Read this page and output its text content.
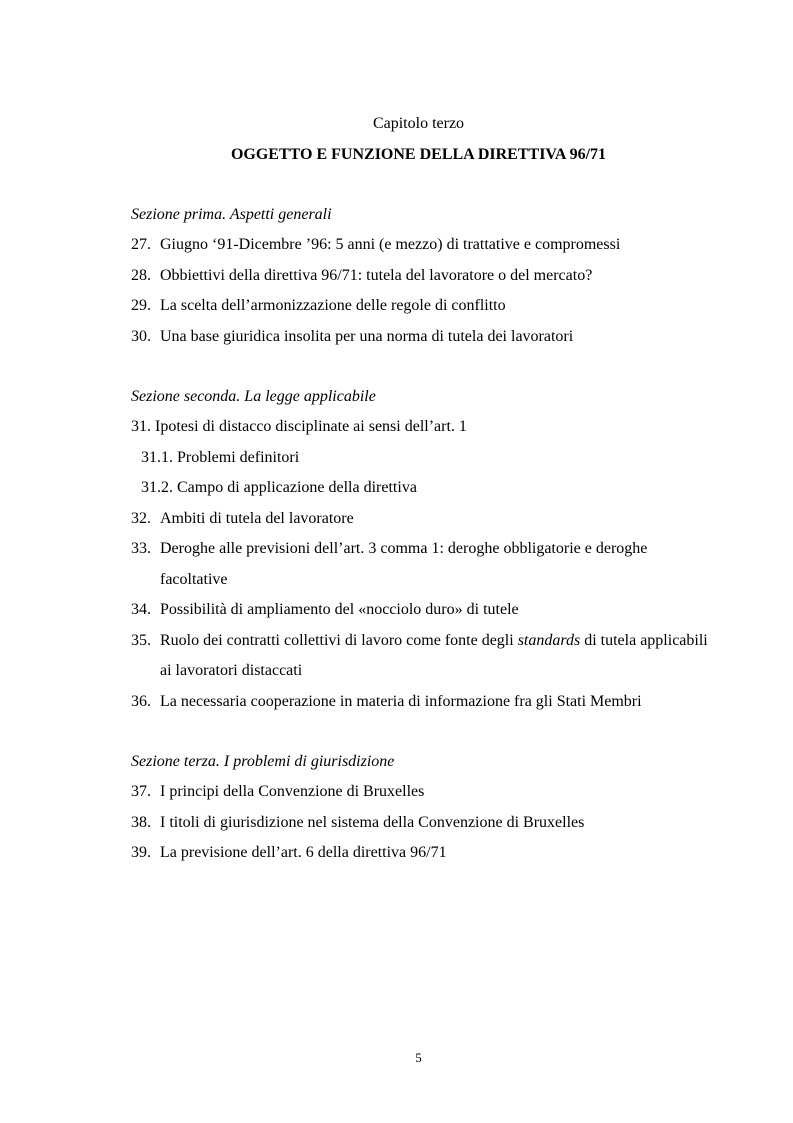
Capitolo terzo
OGGETTO E FUNZIONE DELLA DIRETTIVA 96/71
Sezione prima. Aspetti generali
27. Giugno ‘91-Dicembre ’96: 5 anni (e mezzo) di trattative e compromessi
28. Obbiettivi della direttiva 96/71: tutela del lavoratore o del mercato?
29. La scelta dell’armonizzazione delle regole di conflitto
30. Una base giuridica insolita per una norma di tutela dei lavoratori
Sezione seconda. La legge applicabile
31. Ipotesi di distacco disciplinate ai sensi dell’art. 1
31.1. Problemi definitori
31.2. Campo di applicazione della direttiva
32. Ambiti di tutela del lavoratore
33. Deroghe alle previsioni dell’art. 3 comma 1: deroghe obbligatorie e deroghe facoltative
34. Possibilità di ampliamento del «nocciolo duro» di tutele
35. Ruolo dei contratti collettivi di lavoro come fonte degli standards di tutela applicabili ai lavoratori distaccati
36. La necessaria cooperazione in materia di informazione fra gli Stati Membri
Sezione terza. I problemi di giurisdizione
37. I principi della Convenzione di Bruxelles
38. I titoli di giurisdizione nel sistema della Convenzione di Bruxelles
39. La previsione dell’art. 6 della direttiva 96/71
5
